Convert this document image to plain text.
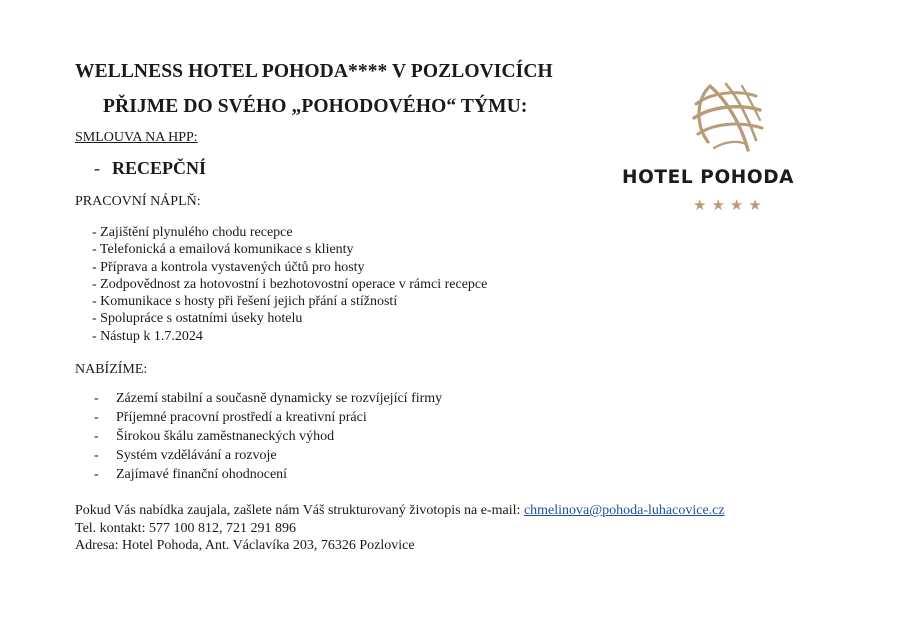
WELLNESS HOTEL POHODA**** V POZLOVICÍCH
PŘIJME DO SVÉHO „POHODOVÉHO“ TÝMU:
SMLOUVA NA HPP:
- RECEPČNÍ
PRACOVNÍ NÁPLŇ:
- Zajištění plynulého chodu recepce
- Telefonická a emailová komunikace s klienty
- Příprava a kontrola vystavených účtů pro hosty
- Zodpovědnost za hotovostní i bezhotovostní operace v rámci recepce
- Komunikace s hosty při řešení jejich přání a stížností
- Spolupráce s ostatními úseky hotelu
- Nástup k 1.7.2024
NABÍZÍME:
- Zázemí stabilní a současně dynamicky se rozvíjející firmy
- Příjemné pracovní prostředí a kreativní práci
- Širokou škálu zaměstnaneckých výhod
- Systém vzdělávání a rozvoje
- Zajímavé finanční ohodnocení

Pokud Vás nabídka zaujala, zašlete nám Váš strukturovaný životopis na e-mail: chmelinova@pohoda-luhacovice.cz

Tel. kontakt: 577 100 812, 721 291 896

Adresa: Hotel Pohoda, Ant. Václavíka 203, 76326 Pozlovice

HOTEL POHODA
★★★★
